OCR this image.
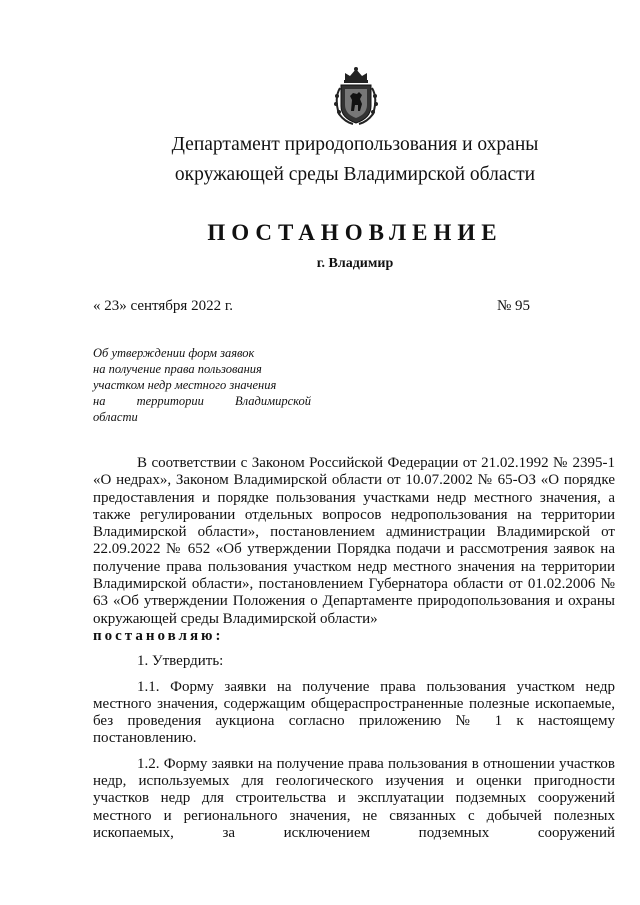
Департамент природопользования и охраны
окружающей среды Владимирской области
ПОСТАНОВЛЕНИЕ
г. Владимир
« 23» сентября 2022 г.	№ 95
Об утверждении форм заявок
на получение права пользования
участком недр местного значения
на территории Владимирской
области

В соответствии с Законом Российской Федерации от 21.02.1992 № 2395-1 «О недрах», Законом Владимирской области от 10.07.2002 № 65-ОЗ «О порядке предоставления и порядке пользования участками недр местного значения, а также регулировании отдельных вопросов недропользования на территории Владимирской области», постановлением администрации Владимирской от 22.09.2022 № 652 «Об утверждении Порядка подачи и рассмотрения заявок на получение права пользования участком недр местного значения на территории Владимирской области», постановлением Губернатора области от 01.02.2006 № 63 «Об утверждении Положения о Департаменте природопользования и охраны окружающей среды Владимирской области»
постановляю:

1. Утвердить:

1.1. Форму заявки на получение права пользования участком недр местного значения, содержащим общераспространенные полезные ископаемые, без проведения аукциона согласно приложению № 1 к настоящему постановлению.

1.2. Форму заявки на получение права пользования в отношении участков недр, используемых для геологического изучения и оценки пригодности участков недр для строительства и эксплуатации подземных сооружений местного и регионального значения, не связанных с добычей полезных ископаемых, за исключением подземных сооружений
